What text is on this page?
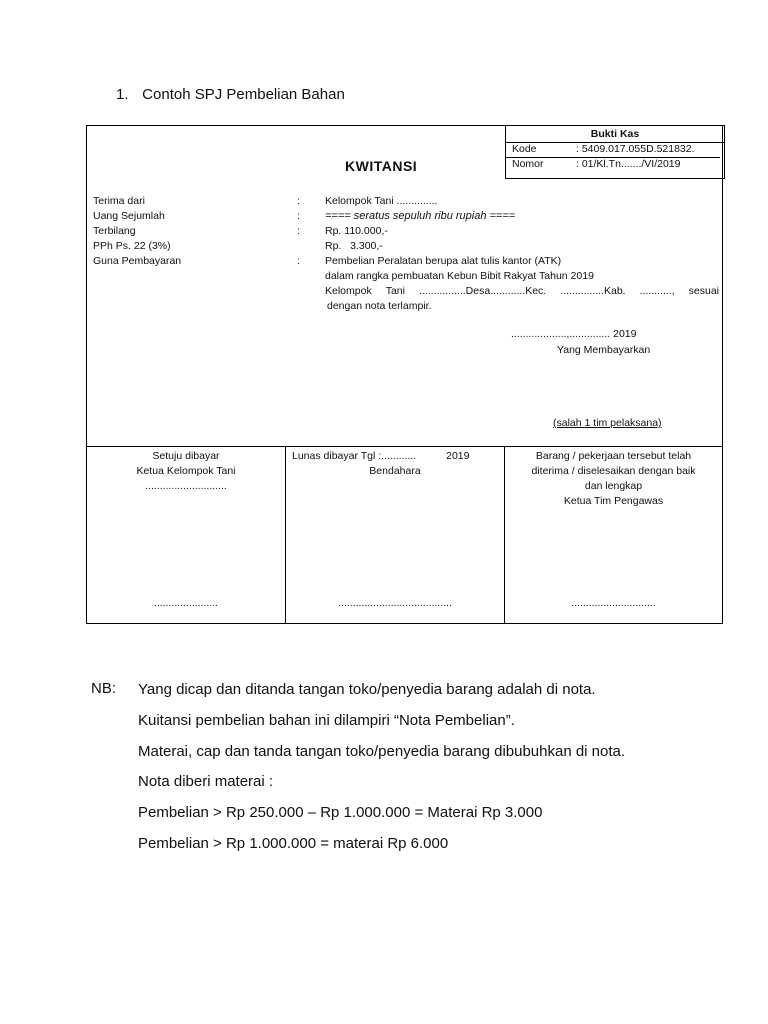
1. Contoh SPJ Pembelian Bahan
Bukti Kas
Kode	: 5409.017.055D.521832.
Nomor	: 01/Kl.Tn......./VI/2019
KWITANSI
Terima dari	: Kelompok Tani ..............
Uang Sejumlah	: ==== seratus sepuluh ribu rupiah ====
Terbilang	: Rp. 110.000,-
PPh Ps. 22 (3%)	Rp.   3.300,-
Guna Pembayaran	: Pembelian Peralatan berupa alat tulis kantor (ATK)
dalam rangka pembuatan Kebun Bibit Rakyat Tahun 2019
Kelompok Tani ................Desa............Kec. ...............Kab. ..........., sesuai
dengan nota terlampir.
...................,.............. 2019
Yang Membayarkan
(salah 1 tim pelaksana)
Setuju dibayar
Ketua Kelompok Tani
............................
......................
Lunas dibayar Tgl :............	2019
Bendahara
.......................................
Barang / pekerjaan tersebut telah
diterima / diselesaikan dengan baik
dan lengkap
Ketua Tim Pengawas
.............................
NB: Yang dicap dan ditanda tangan toko/penyedia barang adalah di nota.
Kuitansi pembelian bahan ini dilampiri “Nota Pembelian”.
Materai, cap dan tanda tangan toko/penyedia barang dibubuhkan di nota.
Nota diberi materai :
Pembelian > Rp 250.000 – Rp 1.000.000 = Materai Rp 3.000
Pembelian > Rp 1.000.000 = materai Rp 6.000
